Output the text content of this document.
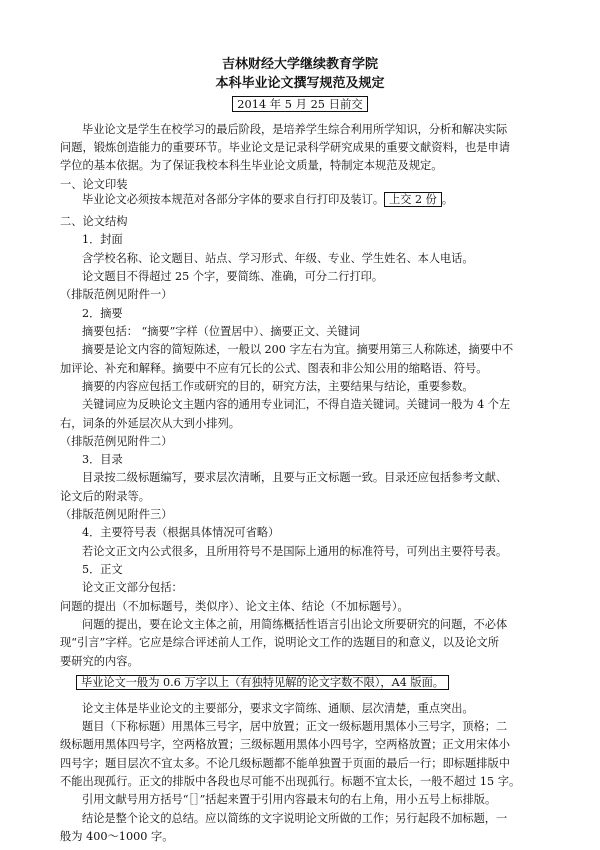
吉林财经大学继续教育学院
本科毕业论文撰写规范及规定
2014 年 5 月 25 日前交
毕业论文是学生在校学习的最后阶段，是培养学生综合利用所学知识，分析和解决实际
问题，锻炼创造能力的重要环节。毕业论文是记录科学研究成果的重要文献资料，也是申请
学位的基本依据。为了保证我校本科生毕业论文质量，特制定本规范及规定。
一、论文印装
毕业论文必须按本规范对各部分字体的要求自行打印及装订。 上交 2 份 。
二、论文结构
1．封面
含学校名称、论文题目、站点、学习形式、年级、专业、学生姓名、本人电话。
论文题目不得超过 25 个字，要简练、准确，可分二行打印。
（排版范例见附件一）
2．摘要
摘要包括： “摘要”字样（位置居中）、摘要正文、关键词
摘要是论文内容的简短陈述，一般以 200 字左右为宜。摘要用第三人称陈述，摘要中不
加评论、补充和解释。摘要中不应有冗长的公式、图表和非公知公用的缩略语、符号。
摘要的内容应包括工作或研究的目的，研究方法，主要结果与结论，重要参数。
关键词应为反映论文主题内容的通用专业词汇，不得自造关键词。关键词一般为 4 个左
右，词条的外延层次从大到小排列。
（排版范例见附件二）
3．目录
目录按二级标题编写，要求层次清晰，且要与正文标题一致。目录还应包括参考文献、
论文后的附录等。
（排版范例见附件三）
4．主要符号表（根据具体情况可省略）
若论文正文内公式很多，且所用符号不是国际上通用的标准符号，可列出主要符号表。
5．正文
论文正文部分包括：
问题的提出（不加标题号，类似序）、论文主体、结论（不加标题号）。
问题的提出，要在论文主体之前，用简练概括性语言引出论文所要研究的问题，不必体
现“引言”字样。它应是综合评述前人工作，说明论文工作的选题目的和意义，以及论文所
要研究的内容。
毕业论文一般为 0.6 万字以上（有独特见解的论文字数不限），A4 版面。
论文主体是毕业论文的主要部分，要求文字简练、通顺、层次清楚，重点突出。
题目（下称标题）用黑体三号字，居中放置；正文一级标题用黑体小三号字，顶格；二
级标题用黑体四号字，空两格放置；三级标题用黑体小四号字，空两格放置；正文用宋体小
四号字；题目层次不宜太多。不论几级标题都不能单独置于页面的最后一行；即标题排版中
不能出现孤行。正文的排版中各段也尽可能不出现孤行。标题不宜太长，一般不超过 15 字。
引用文献号用方括号“［］”括起来置于引用内容最末句的右上角，用小五号上标排版。
结论是整个论文的总结。应以简练的文字说明论文所做的工作；另行起段不加标题，一
般为 400～1000 字。
